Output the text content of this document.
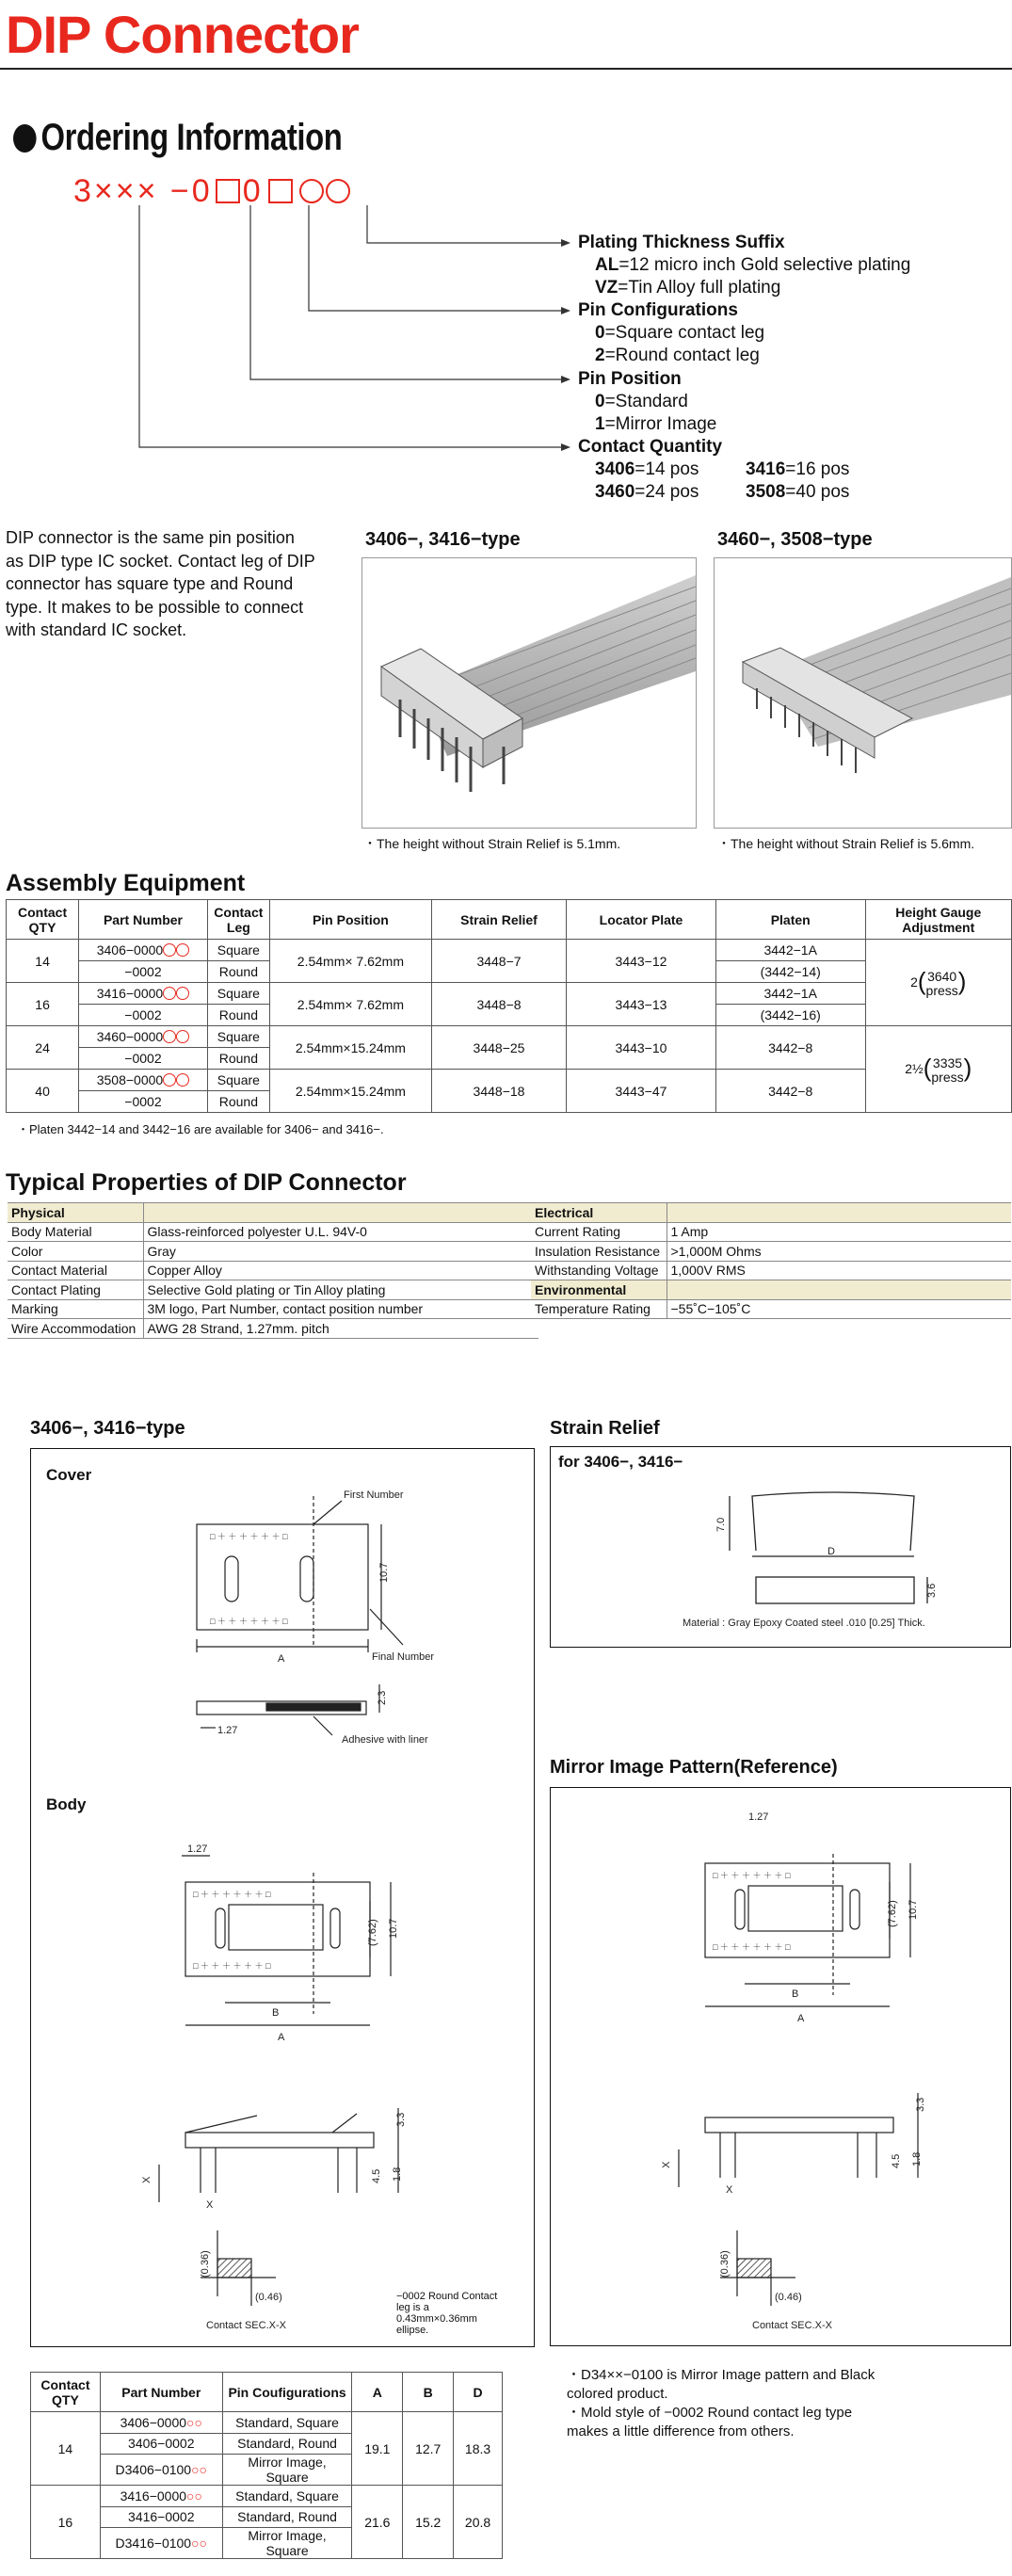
DIP Connector
Ordering Information
3××× −0 0
Plating Thickness Suffix
AL=12 micro inch Gold selective plating
VZ=Tin Alloy full plating
Pin Configurations
0=Square contact leg
2=Round contact leg
Pin Position
0=Standard
1=Mirror Image
Contact Quantity
3406=14 pos	3416=16 pos
3460=24 pos	3508=40 pos
DIP connector is the same pin position as DIP type IC socket. Contact leg of DIP connector has square type and Round type. It makes to be possible to connect with standard IC socket.
3406−, 3416−type	3460−, 3508−type
・The height without Strain Relief is 5.1mm.	・The height without Strain Relief is 5.6mm.
Assembly Equipment
Contact QTY	Part Number	Contact Leg	Pin Position	Strain Relief	Locator Plate	Platen	Height Gauge Adjustment
14	3406−0000	Square	2.54mm× 7.62mm	3448−7	3443−12	3442−1A	2( 3640
press)
	−0002	Round				(3442−14)	
16	3416−0000	Square	2.54mm× 7.62mm	3448−8	3443−13	3442−1A	
	−0002	Round				(3442−16)	
24	3460−0000	Square	2.54mm×15.24mm	3448−25	3443−10	3442−8	2½( 3335
press)
	−0002	Round					
40	3508−0000	Square	2.54mm×15.24mm	3448−18	3443−47	3442−8	
	−0002	Round					
・Platen 3442−14 and 3442−16 are available for 3406− and 3416−.
Typical Properties of DIP Connector
Physical	
Body Material	Glass-reinforced polyester U.L. 94V-0
Color	Gray
Contact Material	Copper Alloy
Contact Plating	Selective Gold plating or Tin Alloy plating
Marking	3M logo, Part Number, contact position number
Wire Accommodation	AWG 28 Strand, 1.27mm. pitch
Electrical	
Current Rating	1 Amp
Insulation Resistance	>1,000M Ohms
Withstanding Voltage	1,000V RMS
Environmental	
Temperature Rating	−55˚C−105˚C
3406−, 3416−type
Cover
Body
First Number
Final Number
A
10.7
2.3
1.27
Adhesive with liner
1.27
B
A
(7.62) 10.7
3.3
4.5 1.8
X
X
(0.36)
(0.46)
Contact SEC.X-X
□ ＋ ＋ ＋ ＋ ＋ ＋ □
□ ＋ ＋ ＋ ＋ ＋ ＋ □
□ ＋ ＋ ＋ ＋ ＋ ＋ □
□ ＋ ＋ ＋ ＋ ＋ ＋ □
−0002 Round Contact leg is a 0.43mm×0.36mm ellipse.
Strain Relief
for 3406−, 3416−
7.0
D
3.6
Material : Gray Epoxy Coated steel .010 [0.25] Thick.
Mirror Image Pattern(Reference)
1.27
B
A
(7.62) 10.7
3.3
4.5 1.8
X
X
(0.36)
(0.46)
Contact SEC.X-X
□ ＋ ＋ ＋ ＋ ＋ ＋ □
□ ＋ ＋ ＋ ＋ ＋ ＋ □
Contact QTY	Part Number	Pin Coufigurations	A	B	D
14	3406−0000○○	Standard, Square	19.1	12.7	18.3
	3406−0002	Standard, Round			
	D3406−0100○○	Mirror Image, Square			
16	3416−0000○○	Standard, Square	21.6	15.2	20.8
	3416−0002	Standard, Round			
	D3416−0100○○	Mirror Image, Square			
・D34××−0100 is Mirror Image pattern and Black colored product.
・Mold style of −0002 Round contact leg type makes a little difference from others.
